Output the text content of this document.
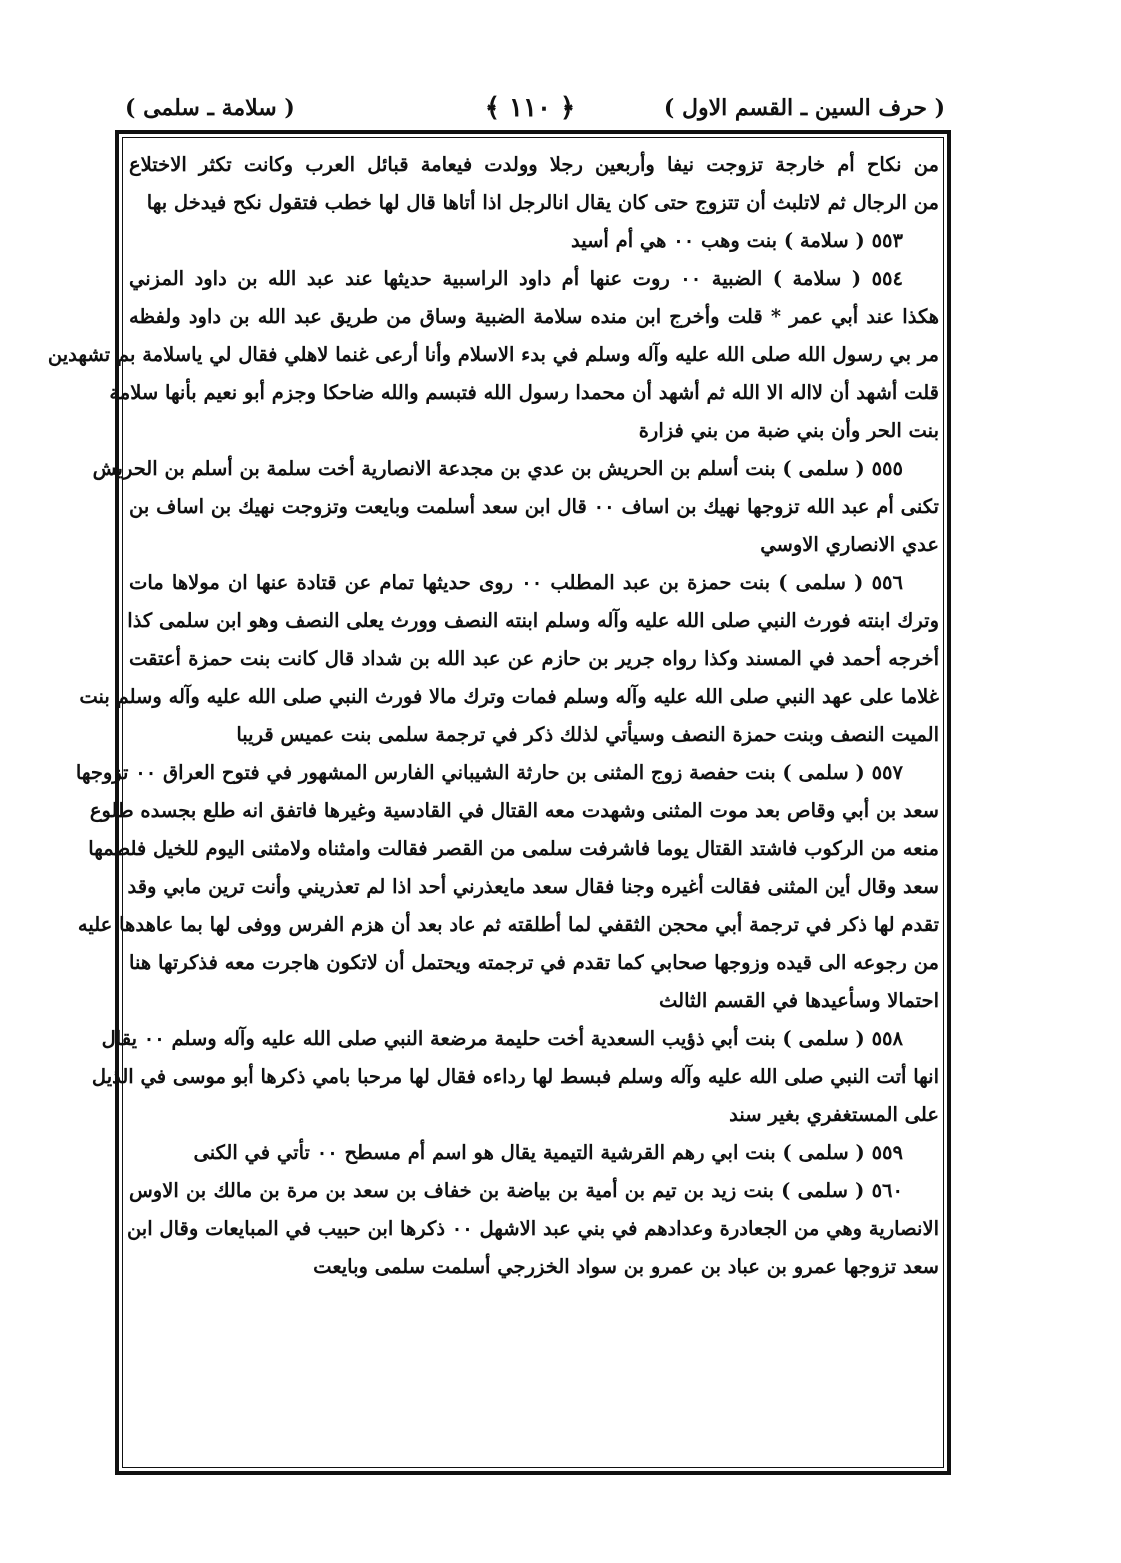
( حرف السين ـ القسم الاول )
﴿ ١١٠ ﴾
( سلامة ـ سلمى )
من نكاح أم خارجة تزوجت نيفا وأربعين رجلا وولدت فيعامة قبائل العرب وكانت تكثر الاختلاع
من الرجال ثم لاتلبث أن تتزوج حتى كان يقال انالرجل اذا أتاها قال لها خطب فتقول نكح فيدخل بها
٥٥٣ ( سلامة ) بنت وهب ٠٠ هي أم أسيد
٥٥٤ ( سلامة ) الضبية ٠٠ روت عنها أم داود الراسبية حديثها عند عبد الله بن داود المزني
هكذا عند أبي عمر * قلت وأخرج ابن منده سلامة الضبية وساق من طريق عبد الله بن داود ولفظه
مر بي رسول الله صلى الله عليه وآله وسلم في بدء الاسلام وأنا أرعى غنما لاهلي فقال لي ياسلامة بم تشهدين
قلت أشهد أن لااله الا الله ثم أشهد أن محمدا رسول الله فتبسم والله ضاحكا وجزم أبو نعيم بأنها سلامة
بنت الحر وأن بني ضبة من بني فزارة
٥٥٥ ( سلمى ) بنت أسلم بن الحريش بن عدي بن مجدعة الانصارية أخت سلمة بن أسلم بن الحريش
تكنى أم عبد الله تزوجها نهيك بن اساف ٠٠ قال ابن سعد أسلمت وبايعت وتزوجت نهيك بن اساف بن
عدي الانصاري الاوسي
٥٥٦ ( سلمى ) بنت حمزة بن عبد المطلب ٠٠ روى حديثها تمام عن قتادة عنها ان مولاها مات
وترك ابنته فورث النبي صلى الله عليه وآله وسلم ابنته النصف وورث يعلى النصف وهو ابن سلمى كذا
أخرجه أحمد في المسند وكذا رواه جرير بن حازم عن عبد الله بن شداد قال كانت بنت حمزة أعتقت
غلاما على عهد النبي صلى الله عليه وآله وسلم فمات وترك مالا فورث النبي صلى الله عليه وآله وسلم بنت
الميت النصف وبنت حمزة النصف وسيأتي لذلك ذكر في ترجمة سلمى بنت عميس قريبا
٥٥٧ ( سلمى ) بنت حفصة زوج المثنى بن حارثة الشيباني الفارس المشهور في فتوح العراق ٠٠ تزوجها
سعد بن أبي وقاص بعد موت المثنى وشهدت معه القتال في القادسية وغيرها فاتفق انه طلع بجسده طلوع
منعه من الركوب فاشتد القتال يوما فاشرفت سلمى من القصر فقالت وامثناه ولامثنى اليوم للخيل فلطمها
سعد وقال أين المثنى فقالت أغيره وجنا فقال سعد مايعذرني أحد اذا لم تعذريني وأنت ترين مابي وقد
تقدم لها ذكر في ترجمة أبي محجن الثقفي لما أطلقته ثم عاد بعد أن هزم الفرس ووفى لها بما عاهدها عليه
من رجوعه الى قيده وزوجها صحابي كما تقدم في ترجمته ويحتمل أن لاتكون هاجرت معه فذكرتها هنا
احتمالا وسأعيدها في القسم الثالث
٥٥٨ ( سلمى ) بنت أبي ذؤيب السعدية أخت حليمة مرضعة النبي صلى الله عليه وآله وسلم ٠٠ يقال
انها أتت النبي صلى الله عليه وآله وسلم فبسط لها رداءه فقال لها مرحبا بامي ذكرها أبو موسى في الذيل
على المستغفري بغير سند
٥٥٩ ( سلمى ) بنت ابي رهم القرشية التيمية يقال هو اسم أم مسطح ٠٠ تأتي في الكنى
٥٦٠ ( سلمى ) بنت زيد بن تيم بن أمية بن بياضة بن خفاف بن سعد بن مرة بن مالك بن الاوس
الانصارية وهي من الجعادرة وعدادهم في بني عبد الاشهل ٠٠ ذكرها ابن حبيب في المبايعات وقال ابن
سعد تزوجها عمرو بن عباد بن عمرو بن سواد الخزرجي أسلمت سلمى وبايعت
